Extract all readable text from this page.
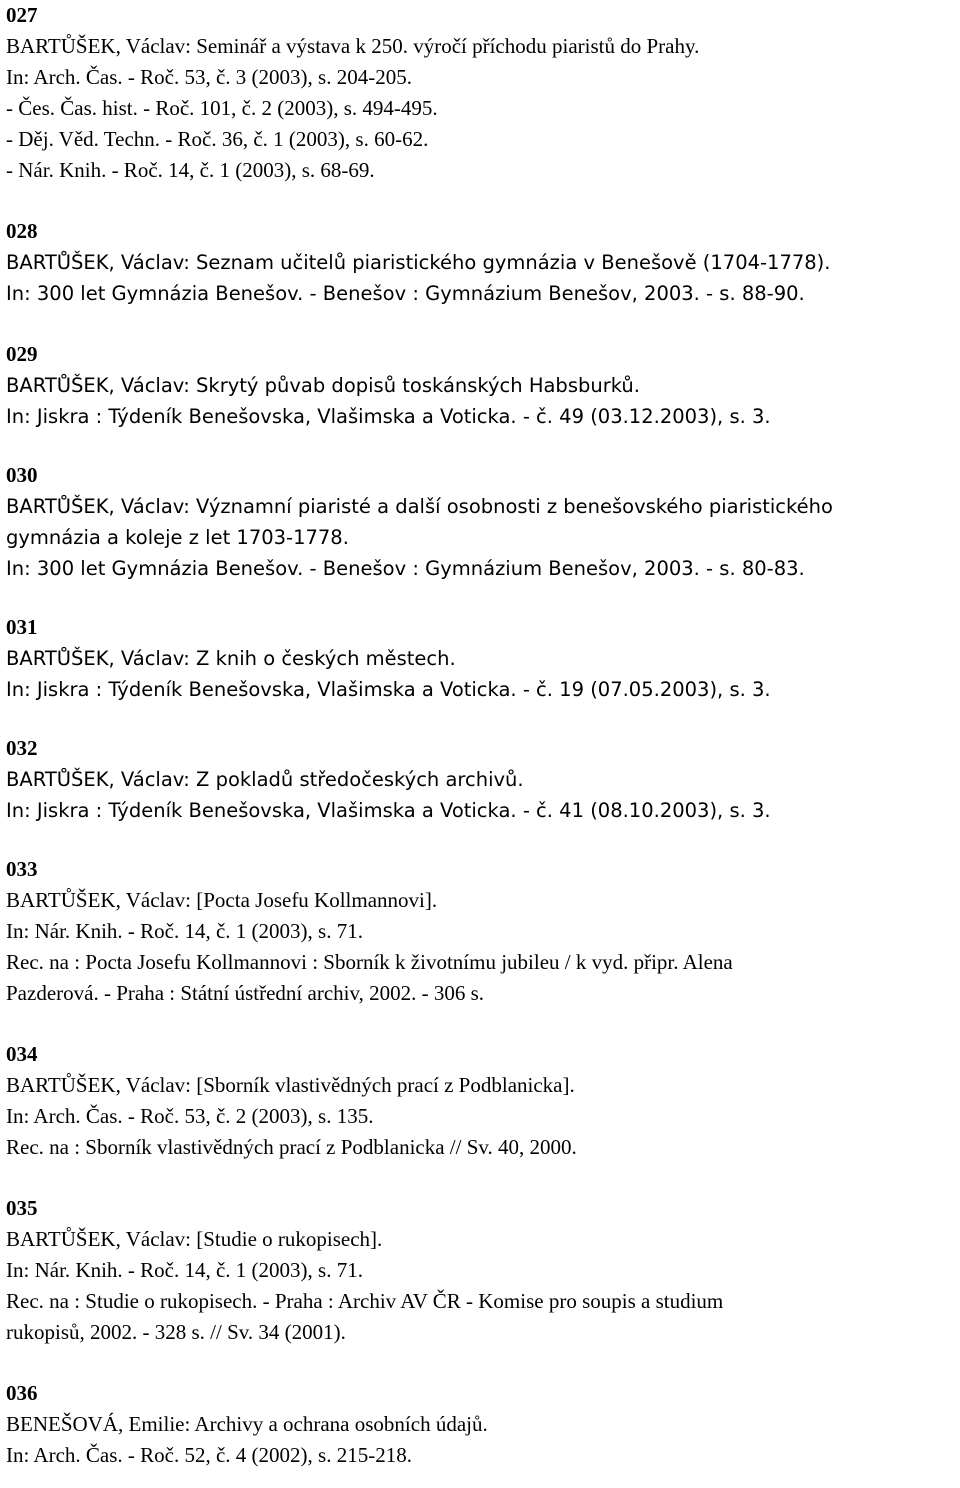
027
BARTŮŠEK, Václav: Seminář a výstava k 250. výročí příchodu piaristů do Prahy.
In: Arch. Čas. - Roč. 53, č. 3 (2003), s. 204-205.
- Čes. Čas. hist. - Roč. 101, č. 2 (2003), s. 494-495.
- Děj. Věd. Techn. - Roč. 36, č. 1 (2003), s. 60-62.
- Nár. Knih. - Roč. 14, č. 1 (2003), s. 68-69.
028
BARTŮŠEK, Václav: Seznam učitelů piaristického gymnázia v Benešově (1704-1778).
In: 300 let Gymnázia Benešov. - Benešov : Gymnázium Benešov, 2003. - s. 88-90.
029
BARTŮŠEK, Václav: Skrytý půvab dopisů toskánských Habsburků.
In: Jiskra : Týdeník Benešovska, Vlašimska a Voticka. - č. 49 (03.12.2003), s. 3.
030
BARTŮŠEK, Václav: Významní piaristé a další osobnosti z benešovského piaristického
gymnázia a koleje z let 1703-1778.
In: 300 let Gymnázia Benešov. - Benešov : Gymnázium Benešov, 2003. - s. 80-83.
031
BARTŮŠEK, Václav: Z knih o českých městech.
In: Jiskra : Týdeník Benešovska, Vlašimska a Voticka. - č. 19 (07.05.2003), s. 3.
032
BARTŮŠEK, Václav: Z pokladů středočeských archivů.
In: Jiskra : Týdeník Benešovska, Vlašimska a Voticka. - č. 41 (08.10.2003), s. 3.
033
BARTŮŠEK, Václav: [Pocta Josefu Kollmannovi].
In: Nár. Knih. - Roč. 14, č. 1 (2003), s. 71.
Rec. na : Pocta Josefu Kollmannovi : Sborník k životnímu jubileu / k vyd. připr. Alena
Pazderová. - Praha : Státní ústřední archiv, 2002. - 306 s.
034
BARTŮŠEK, Václav: [Sborník vlastivědných prací z Podblanicka].
In: Arch. Čas. - Roč. 53, č. 2 (2003), s. 135.
Rec. na : Sborník vlastivědných prací z Podblanicka // Sv. 40, 2000.
035
BARTŮŠEK, Václav: [Studie o rukopisech].
In: Nár. Knih. - Roč. 14, č. 1 (2003), s. 71.
Rec. na : Studie o rukopisech. - Praha : Archiv AV ČR - Komise pro soupis a studium
rukopisů, 2002. - 328 s. // Sv. 34 (2001).
036
BENEŠOVÁ, Emilie: Archivy a ochrana osobních údajů.
In: Arch. Čas. - Roč. 52, č. 4 (2002), s. 215-218.
